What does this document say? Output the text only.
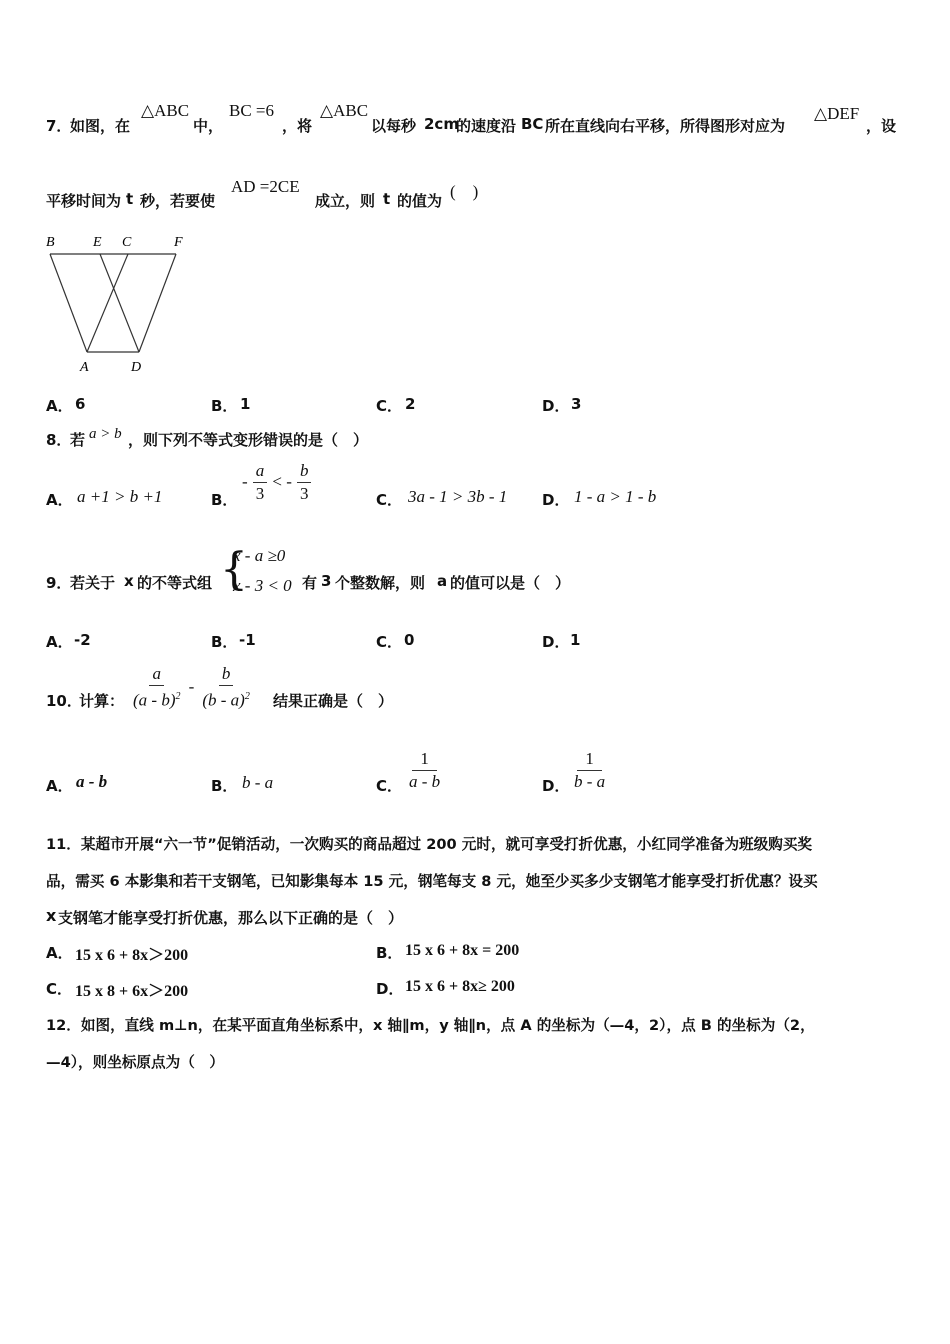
7．
如图，在
△ABC
中，
BC =6
，将
△ABC
以每秒 2cm
的速度沿 BC 所在直线向右平移，所得图形对应为
△DEF
，设
平移时间为 t 秒，若要使
AD =2CE
成立，则 t 的值为 (　)
B	E C	F
A	D
A． 6	B． 1	C． 2	D． 3
8．
若 a > b ，则下列不等式变形错误的是（　）
A． a +1 > b +1	B．
- $\frac{a}{3}$ < - $\frac{b}{3}$	C． 3a - 1 > 3b - 1 D． 1 - a > 1 - b
9．
若关于 x 的不等式组 {
x - a ≥0
x - 3 < 0 有 3 个整数解，则 a 的值可以是（　）
A． -2	B． -1	C． 0	D． 1
10．
计算： $\frac{a}{(a - b)^2} - \frac{b}{(b - a)^2}$ 结果正确是（　）
A． a - b	B． b - a	C． $\frac{1}{a - b}$	D． $\frac{1}{b - a}$
11．某超市开展“六一节”促销活动，一次购买的商品超过 200 元时，就可享受打折优惠，小红同学准备为班级购买奖
品，需买 6 本影集和若干支钢笔，已知影集每本 15 元，钢笔每支 8 元，她至少买多少支钢笔才能享受打折优惠？设买
x 支钢笔才能享受打折优惠，那么以下正确的是（　）
A． 15 x 6 + 8x＞200	B． 15 x 6 + 8x = 200
C． 15 x 8 + 6x＞200	D． 15 x 6 + 8x≥ 200
12．如图，直线 m⊥n，在某平面直角坐标系中，x 轴∥m，y 轴∥n，点 A 的坐标为（—4，2），点 B 的坐标为（2，
—4），则坐标原点为（　）
